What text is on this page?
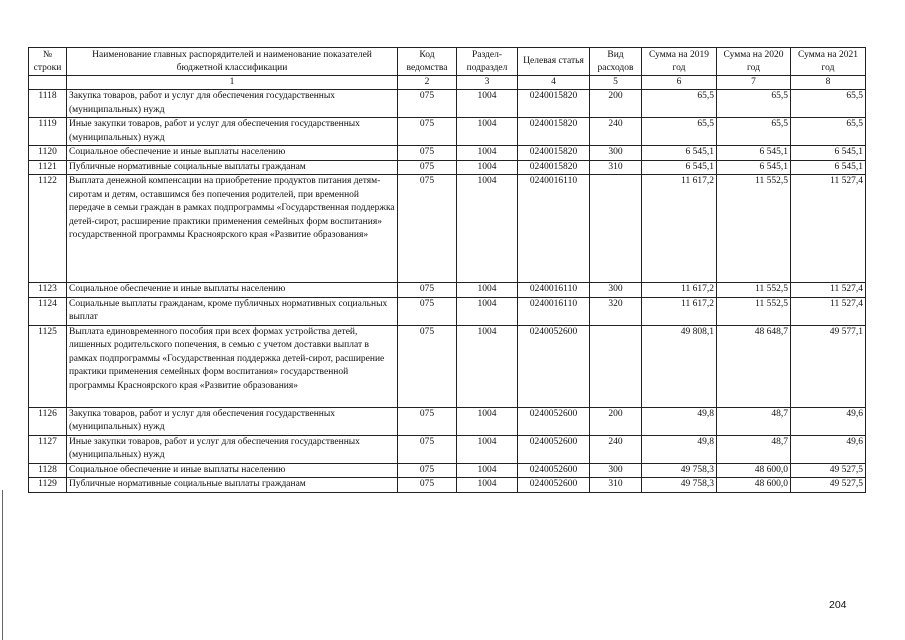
№ строки	Наименование главных распорядителей и наименование показателей бюджетной классификации	Код ведомства	Раздел-подраздел	Целевая статья	Вид расходов	Сумма на 2019 год	Сумма на 2020 год	Сумма на 2021 год
	1	2	3	4	5	6	7	8
1118	Закупка товаров, работ и услуг для обеспечения государственных (муниципальных) нужд	075	1004	0240015820	200	65,5	65,5	65,5
1119	Иные закупки товаров, работ и услуг для обеспечения государственных (муниципальных) нужд	075	1004	0240015820	240	65,5	65,5	65,5
1120	Социальное обеспечение и иные выплаты населению	075	1004	0240015820	300	6 545,1	6 545,1	6 545,1
1121	Публичные нормативные социальные выплаты гражданам	075	1004	0240015820	310	6 545,1	6 545,1	6 545,1
1122	Выплата денежной компенсации на приобретение продуктов питания детям-сиротам и детям, оставшимся без попечения родителей, при временной передаче в семьи граждан в рамках подпрограммы «Государственная поддержка детей-сирот, расширение практики применения семейных форм воспитания» государственной программы Красноярского края «Развитие образования»	075	1004	0240016110		11 617,2	11 552,5	11 527,4
1123	Социальное обеспечение и иные выплаты населению	075	1004	0240016110	300	11 617,2	11 552,5	11 527,4
1124	Социальные выплаты гражданам, кроме публичных нормативных социальных выплат	075	1004	0240016110	320	11 617,2	11 552,5	11 527,4
1125	Выплата единовременного пособия при всех формах устройства детей, лишенных родительского попечения, в семью с учетом доставки выплат в рамках подпрограммы «Государственная поддержка детей-сирот, расширение практики применения семейных форм воспитания» государственной программы Красноярского края «Развитие образования»	075	1004	0240052600		49 808,1	48 648,7	49 577,1
1126	Закупка товаров, работ и услуг для обеспечения государственных (муниципальных) нужд	075	1004	0240052600	200	49,8	48,7	49,6
1127	Иные закупки товаров, работ и услуг для обеспечения государственных (муниципальных) нужд	075	1004	0240052600	240	49,8	48,7	49,6
1128	Социальное обеспечение и иные выплаты населению	075	1004	0240052600	300	49 758,3	48 600,0	49 527,5
1129	Публичные нормативные социальные выплаты гражданам	075	1004	0240052600	310	49 758,3	48 600,0	49 527,5
204
